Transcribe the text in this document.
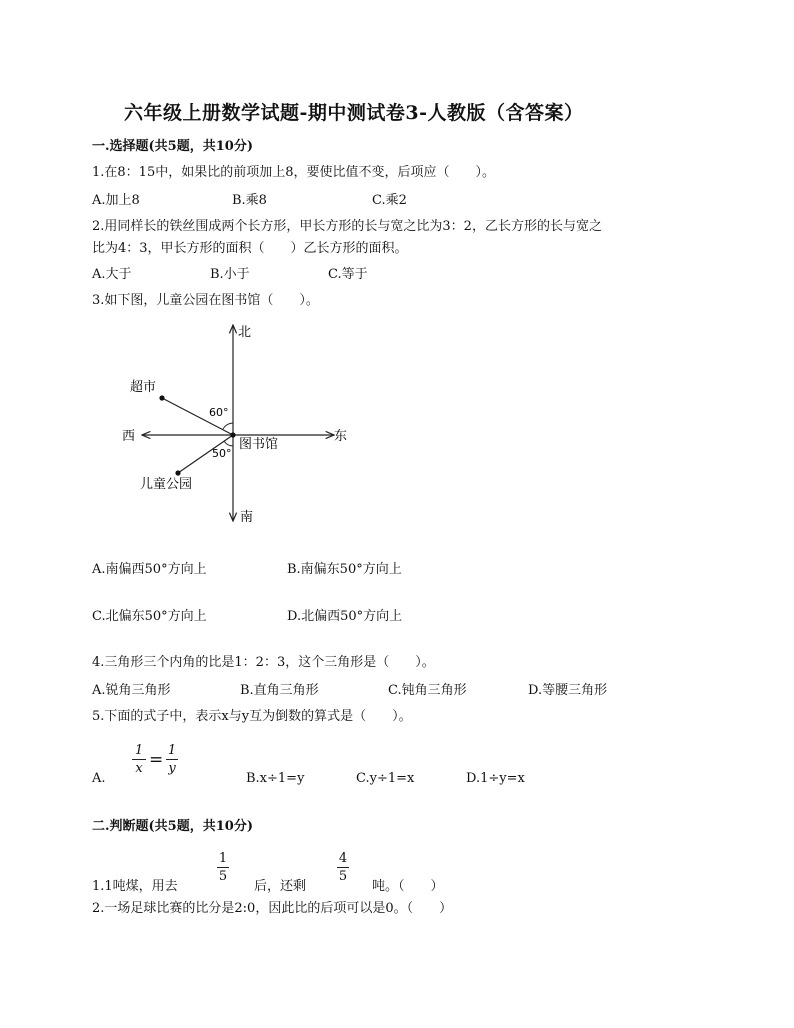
六年级上册数学试题-期中测试卷3-人教版（含答案）
一.选择题(共5题，共10分)
1.在8：15中，如果比的前项加上8，要使比值不变，后项应（　　）。
A.加上8	B.乘8	C.乘2
2.用同样长的铁丝围成两个长方形，甲长方形的长与宽之比为3：2，乙长方形的长与宽之
比为4：3，甲长方形的面积（　　）乙长方形的面积。
A.大于	B.小于	C.等于
3.如下图，儿童公园在图书馆（　　）。
北
南
东
西
超市
图书馆
儿童公园
60°
50°
A.南偏西50°方向上	B.南偏东50°方向上
C.北偏东50°方向上	D.北偏西50°方向上
4.三角形三个内角的比是1：2：3，这个三角形是（　　）。
A.锐角三角形	B.直角三角形	C.钝角三角形	D.等腰三角形
5.下面的式子中，表示x与y互为倒数的算式是（　　）。
A.
1
x = 1
y
B.x÷1=y	C.y÷1=x	D.1÷y=x
二.判断题(共5题，共10分)
1.1吨煤，用去
1
5
后，还剩
4
5
吨。（　　）
2.一场足球比赛的比分是2:0，因此比的后项可以是0。（　　）
